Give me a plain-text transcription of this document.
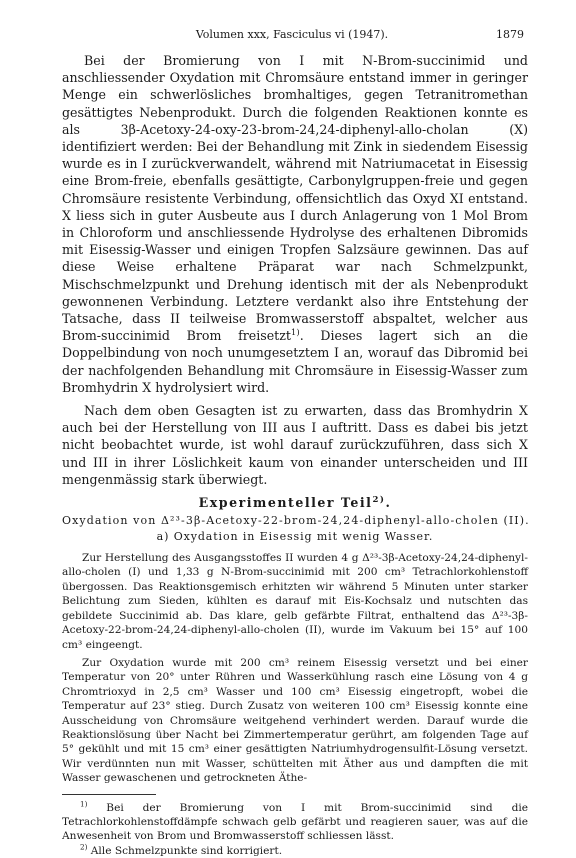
Volumen xxx, Fasciculus vi (1947).	1879

Bei der Bromierung von I mit N-Brom-succinimid und anschliessender Oxydation mit Chromsäure entstand immer in geringer Menge ein schwerlösliches bromhaltiges, gegen Tetranitromethan gesättigtes Nebenprodukt. Durch die folgenden Reaktionen konnte es als 3β-Acetoxy-24-oxy-23-brom-24,24-diphenyl-allo-cholan (X) identifiziert werden: Bei der Behandlung mit Zink in siedendem Eisessig wurde es in I zurückverwandelt, während mit Natriumacetat in Eisessig eine Brom-freie, ebenfalls gesättigte, Carbonylgruppen-freie und gegen Chromsäure resistente Verbindung, offensichtlich das Oxyd XI entstand. X liess sich in guter Ausbeute aus I durch Anlagerung von 1 Mol Brom in Chloroform und anschliessende Hydrolyse des erhaltenen Dibromids mit Eisessig-Wasser und einigen Tropfen Salzsäure gewinnen. Das auf diese Weise erhaltene Präparat war nach Schmelzpunkt, Mischschmelzpunkt und Drehung identisch mit der als Nebenprodukt gewonnenen Verbindung. Letztere verdankt also ihre Entstehung der Tatsache, dass II teilweise Bromwasserstoff abspaltet, welcher aus Brom-succinimid Brom freisetzt$^{1)}$. Dieses lagert sich an die Doppelbindung von noch unumgesetztem I an, worauf das Dibromid bei der nachfolgenden Behandlung mit Chromsäure in Eisessig-Wasser zum Bromhydrin X hydrolysiert wird.

Nach dem oben Gesagten ist zu erwarten, dass das Bromhydrin X auch bei der Herstellung von III aus I auftritt. Dass es dabei bis jetzt nicht beobachtet wurde, ist wohl darauf zurückzuführen, dass sich X und III in ihrer Löslichkeit kaum von einander unterscheiden und III mengenmässig stark überwiegt.

Experimenteller Teil$^{2)}$.

Oxydation von Δ²³-3β-Acetoxy-22-brom-24,24-diphenyl-allo-cholen (II).

a) Oxydation in Eisessig mit wenig Wasser.

Zur Herstellung des Ausgangsstoffes II wurden 4 g Δ²³-3β-Acetoxy-24,24-diphenyl-allo-cholen (I) und 1,33 g N-Brom-succinimid mit 200 cm³ Tetrachlorkohlenstoff übergossen. Das Reaktionsgemisch erhitzten wir während 5 Minuten unter starker Belichtung zum Sieden, kühlten es darauf mit Eis-Kochsalz und nutschten das gebildete Succinimid ab. Das klare, gelb gefärbte Filtrat, enthaltend das Δ²³-3β-Acetoxy-22-brom-24,24-diphenyl-allo-cholen (II), wurde im Vakuum bei 15° auf 100 cm³ eingeengt.

Zur Oxydation wurde mit 200 cm³ reinem Eisessig versetzt und bei einer Temperatur von 20° unter Rühren und Wasserkühlung rasch eine Lösung von 4 g Chromtrioxyd in 2,5 cm³ Wasser und 100 cm³ Eisessig eingetropft, wobei die Temperatur auf 23° stieg. Durch Zusatz von weiteren 100 cm³ Eisessig konnte eine Ausscheidung von Chromsäure weitgehend verhindert werden. Darauf wurde die Reaktionslösung über Nacht bei Zimmertemperatur gerührt, am folgenden Tage auf 5° gekühlt und mit 15 cm³ einer gesättigten Natriumhydrogensulfit-Lösung versetzt. Wir verdünnten nun mit Wasser, schüttelten mit Äther aus und dampften die mit Wasser gewaschenen und getrockneten Äthe-

$^{1)}$ Bei der Bromierung von I mit Brom-succinimid sind die Tetrachlorkohlenstoffdämpfe schwach gelb gefärbt und reagieren sauer, was auf die Anwesenheit von Brom und Bromwasserstoff schliessen lässt.

$^{2)}$ Alle Schmelzpunkte sind korrigiert.
